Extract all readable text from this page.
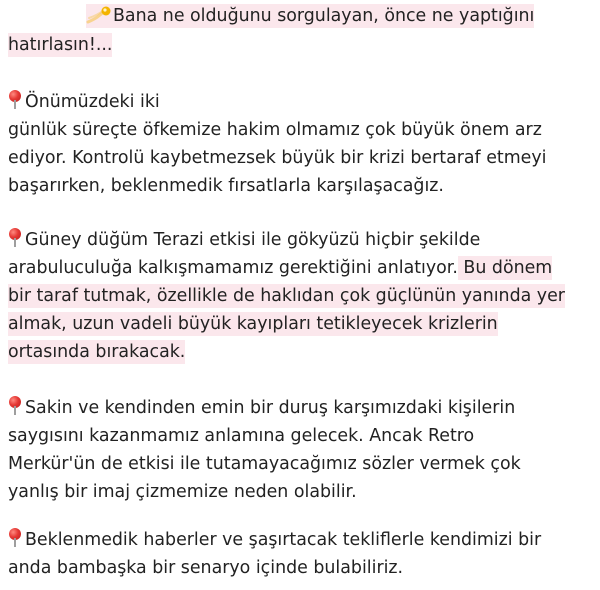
Bana ne olduğunu sorgulayan, önce ne yaptığını
hatırlasın!...
Önümüzdeki iki
günlük süreçte öfkemize hakim olmamız çok büyük önem arz
ediyor. Kontrolü kaybetmezsek büyük bir krizi bertaraf etmeyi
başarırken, beklenmedik fırsatlarla karşılaşacağız.
Güney düğüm Terazi etkisi ile gökyüzü hiçbir şekilde
arabuluculuğa kalkışmamamız gerektiğini anlatıyor. Bu dönem
bir taraf tutmak, özellikle de haklıdan çok güçlünün yanında yer
almak, uzun vadeli büyük kayıpları tetikleyecek krizlerin
ortasında bırakacak.
Sakin ve kendinden emin bir duruş karşımızdaki kişilerin
saygısını kazanmamız anlamına gelecek. Ancak Retro
Merkür'ün de etkisi ile tutamayacağımız sözler vermek çok
yanlış bir imaj çizmemize neden olabilir.
Beklenmedik haberler ve şaşırtacak tekliflerle kendimizi bir
anda bambaşka bir senaryo içinde bulabiliriz.
